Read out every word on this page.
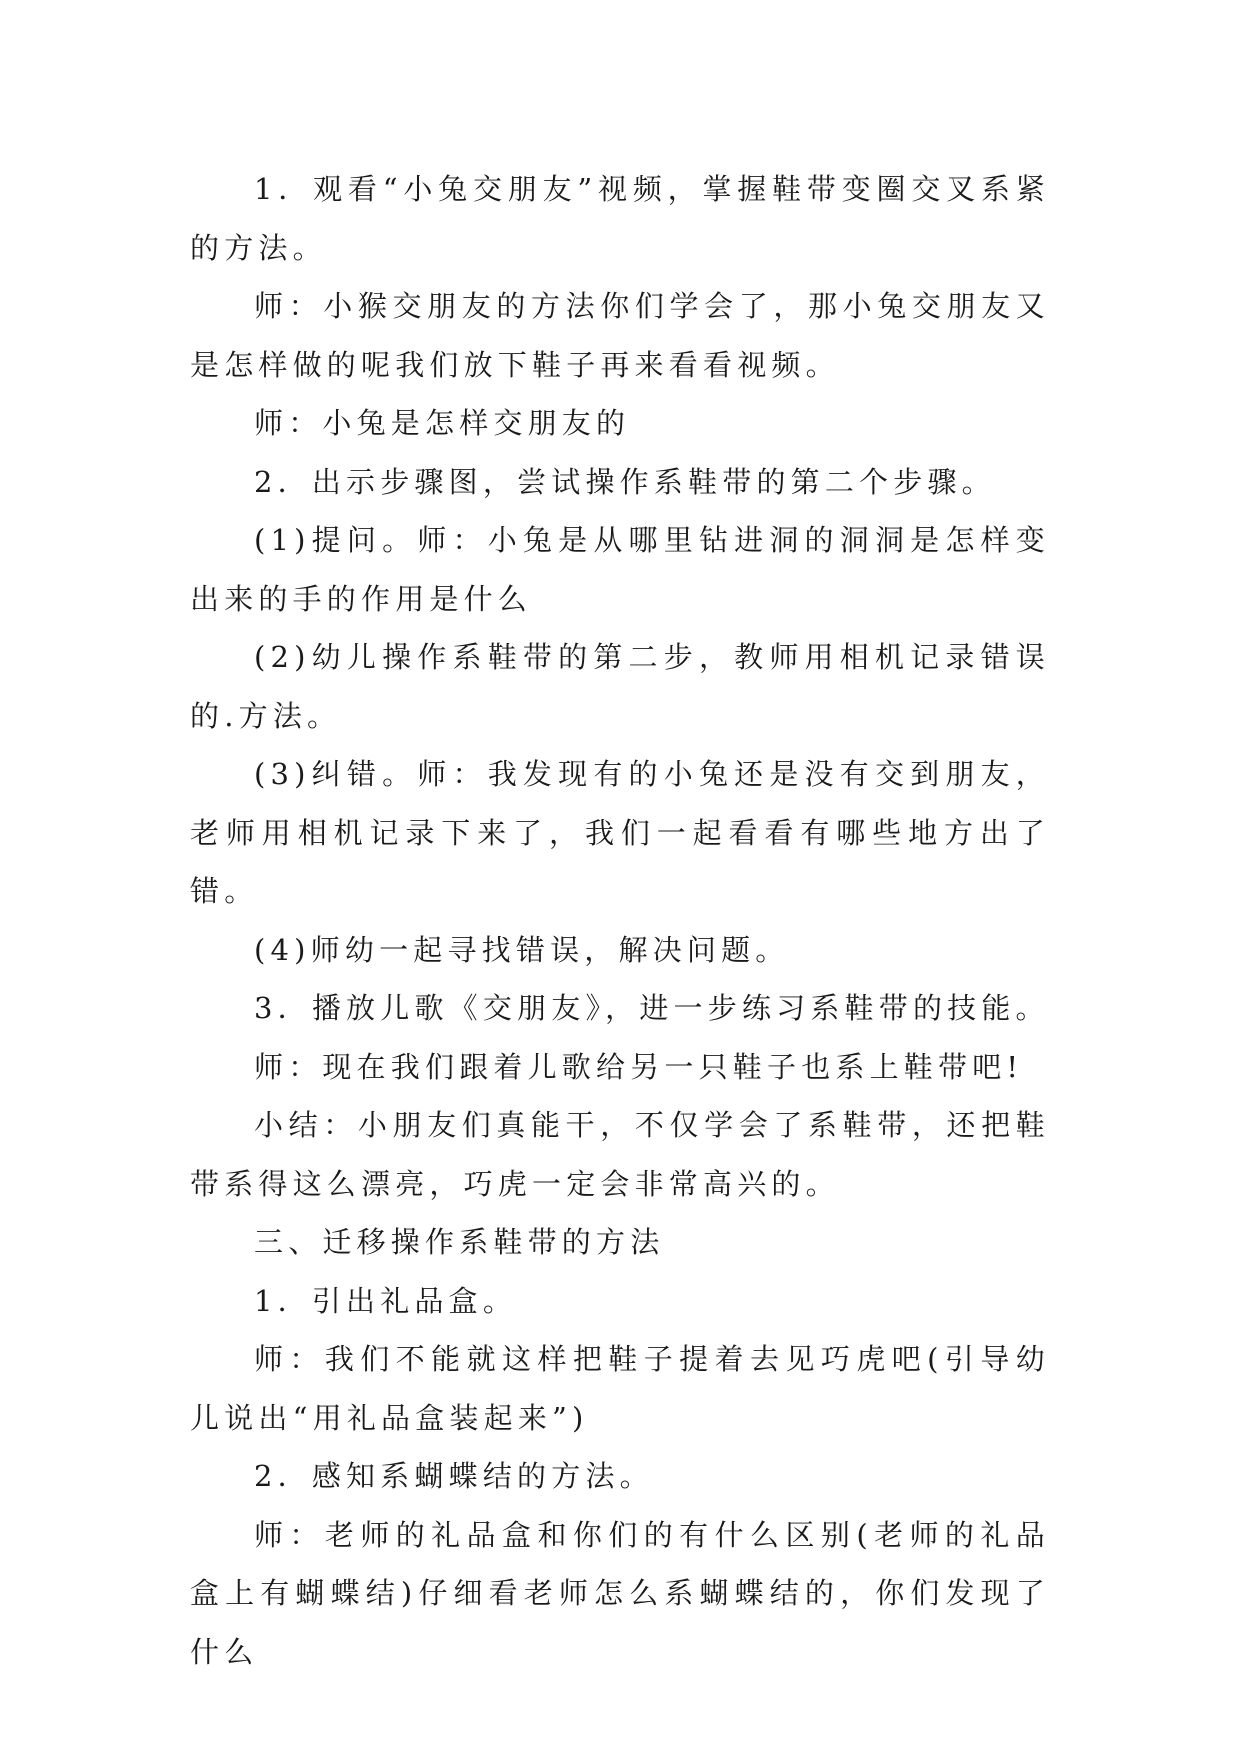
1．观看“小兔交朋友”视频，掌握鞋带变圈交叉系紧的方法。

师：小猴交朋友的方法你们学会了，那小兔交朋友又是怎样做的呢我们放下鞋子再来看看视频。

师：小兔是怎样交朋友的

2．出示步骤图，尝试操作系鞋带的第二个步骤。

(1)提问。师：小兔是从哪里钻进洞的洞洞是怎样变出来的手的作用是什么

(2)幼儿操作系鞋带的第二步，教师用相机记录错误的.方法。

(3)纠错。师：我发现有的小兔还是没有交到朋友，老师用相机记录下来了，我们一起看看有哪些地方出了错。

(4)师幼一起寻找错误，解决问题。

3．播放儿歌《交朋友》，进一步练习系鞋带的技能。

师：现在我们跟着儿歌给另一只鞋子也系上鞋带吧!

小结：小朋友们真能干，不仅学会了系鞋带，还把鞋带系得这么漂亮，巧虎一定会非常高兴的。

三、迁移操作系鞋带的方法

1．引出礼品盒。

师：我们不能就这样把鞋子提着去见巧虎吧(引导幼儿说出“用礼品盒装起来”)

2．感知系蝴蝶结的方法。

师：老师的礼品盒和你们的有什么区别(老师的礼品盒上有蝴蝶结)仔细看老师怎么系蝴蝶结的，你们发现了什么
